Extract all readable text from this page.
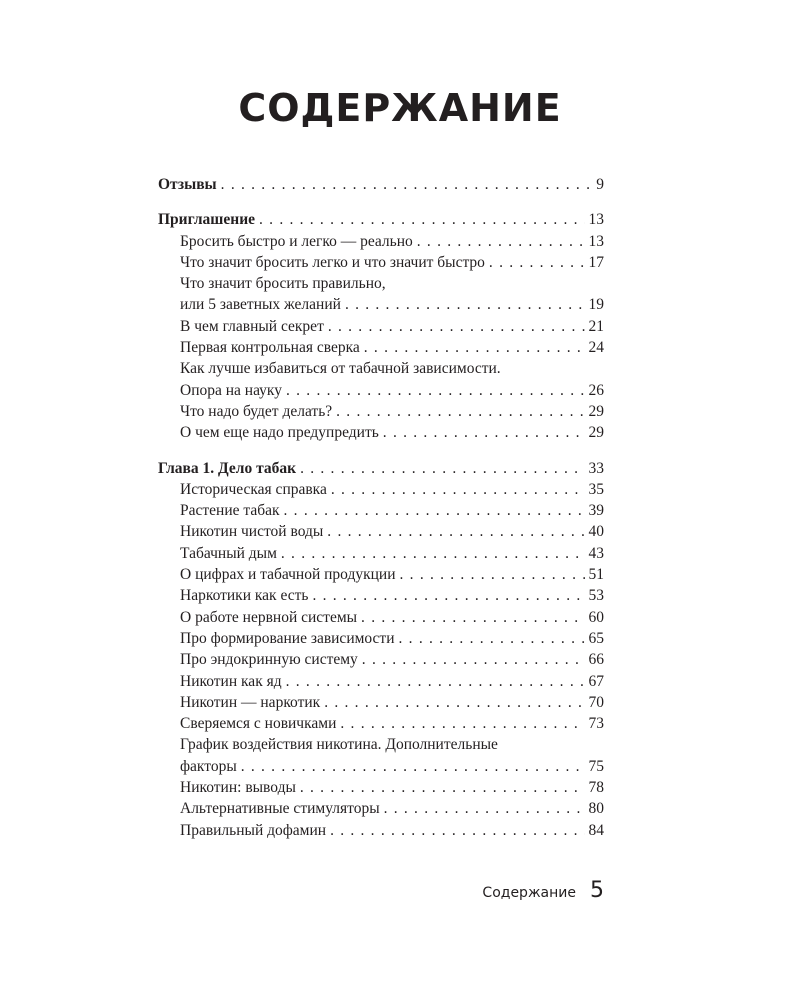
СОДЕРЖАНИЕ
Отзывы . . .	9
Приглашение . . .	13
Бросить быстро и легко — реально . . .	13
Что значит бросить легко и что значит быстро . . .	17
Что значит бросить правильно,
или 5 заветных желаний . . .	19
В чем главный секрет . . .	21
Первая контрольная сверка . . .	24
Как лучше избавиться от табачной зависимости.
Опора на науку . . .	26
Что надо будет делать? . . .	29
О чем еще надо предупредить . . .	29
Глава 1. Дело табак . . .	33
Историческая справка . . .	35
Растение табак . . .	39
Никотин чистой воды . . .	40
Табачный дым . . .	43
О цифрах и табачной продукции . . .	51
Наркотики как есть . . .	53
О работе нервной системы . . .	60
Про формирование зависимости . . .	65
Про эндокринную систему . . .	66
Никотин как яд . . .	67
Никотин — наркотик . . .	70
Сверяемся с новичками . . .	73
График воздействия никотина. Дополнительные
факторы . . .	75
Никотин: выводы . . .	78
Альтернативные стимуляторы . . .	80
Правильный дофамин . . .	84
Содержание 5
